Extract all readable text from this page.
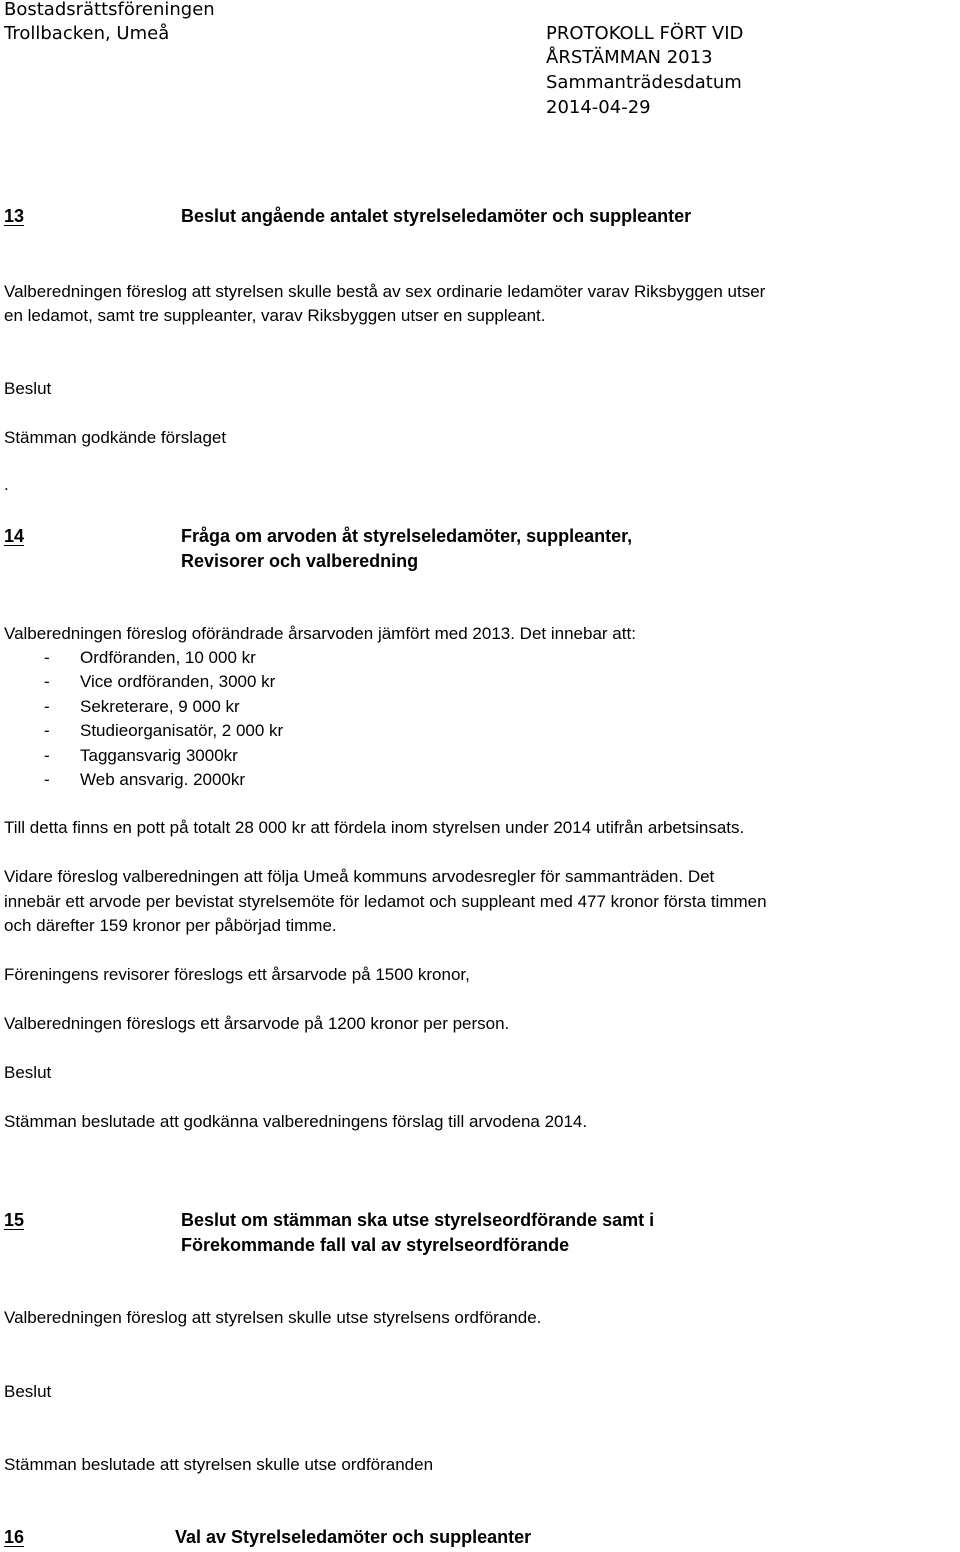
Bostadsrättsföreningen
Trollbacken, Umeå	PROTOKOLL FÖRT VID
ÅRSTÄMMAN 2013
Sammanträdesdatum
2014-04-29
13	Beslut angående antalet styrelseledamöter och suppleanter
Valberedningen föreslog att styrelsen skulle bestå av sex ordinarie ledamöter varav Riksbyggen utser
en ledamot, samt tre suppleanter, varav Riksbyggen utser en suppleant.
Beslut
Stämman godkände förslaget
.
14	Fråga om arvoden åt styrelseledamöter, suppleanter,
Revisorer och valberedning
Valberedningen föreslog oförändrade årsarvoden jämfört med 2013. Det innebar att:
- Ordföranden, 10 000 kr
- Vice ordföranden, 3000 kr
- Sekreterare, 9 000 kr
- Studieorganisatör, 2 000 kr
- Taggansvarig 3000kr
- Web ansvarig. 2000kr
Till detta finns en pott på totalt 28 000 kr att fördela inom styrelsen under 2014 utifrån arbetsinsats.
Vidare föreslog valberedningen att följa Umeå kommuns arvodesregler för sammanträden. Det
innebär ett arvode per bevistat styrelsemöte för ledamot och suppleant med 477 kronor första timmen
och därefter 159 kronor per påbörjad timme.
Föreningens revisorer föreslogs ett årsarvode på 1500 kronor,
Valberedningen föreslogs ett årsarvode på 1200 kronor per person.
Beslut
Stämman beslutade att godkänna valberedningens förslag till arvodena 2014.
15	Beslut om stämman ska utse styrelseordförande samt i
Förekommande fall val av styrelseordförande
Valberedningen föreslog att styrelsen skulle utse styrelsens ordförande.
Beslut
Stämman beslutade att styrelsen skulle utse ordföranden
16	Val av Styrelseledamöter och suppleanter
